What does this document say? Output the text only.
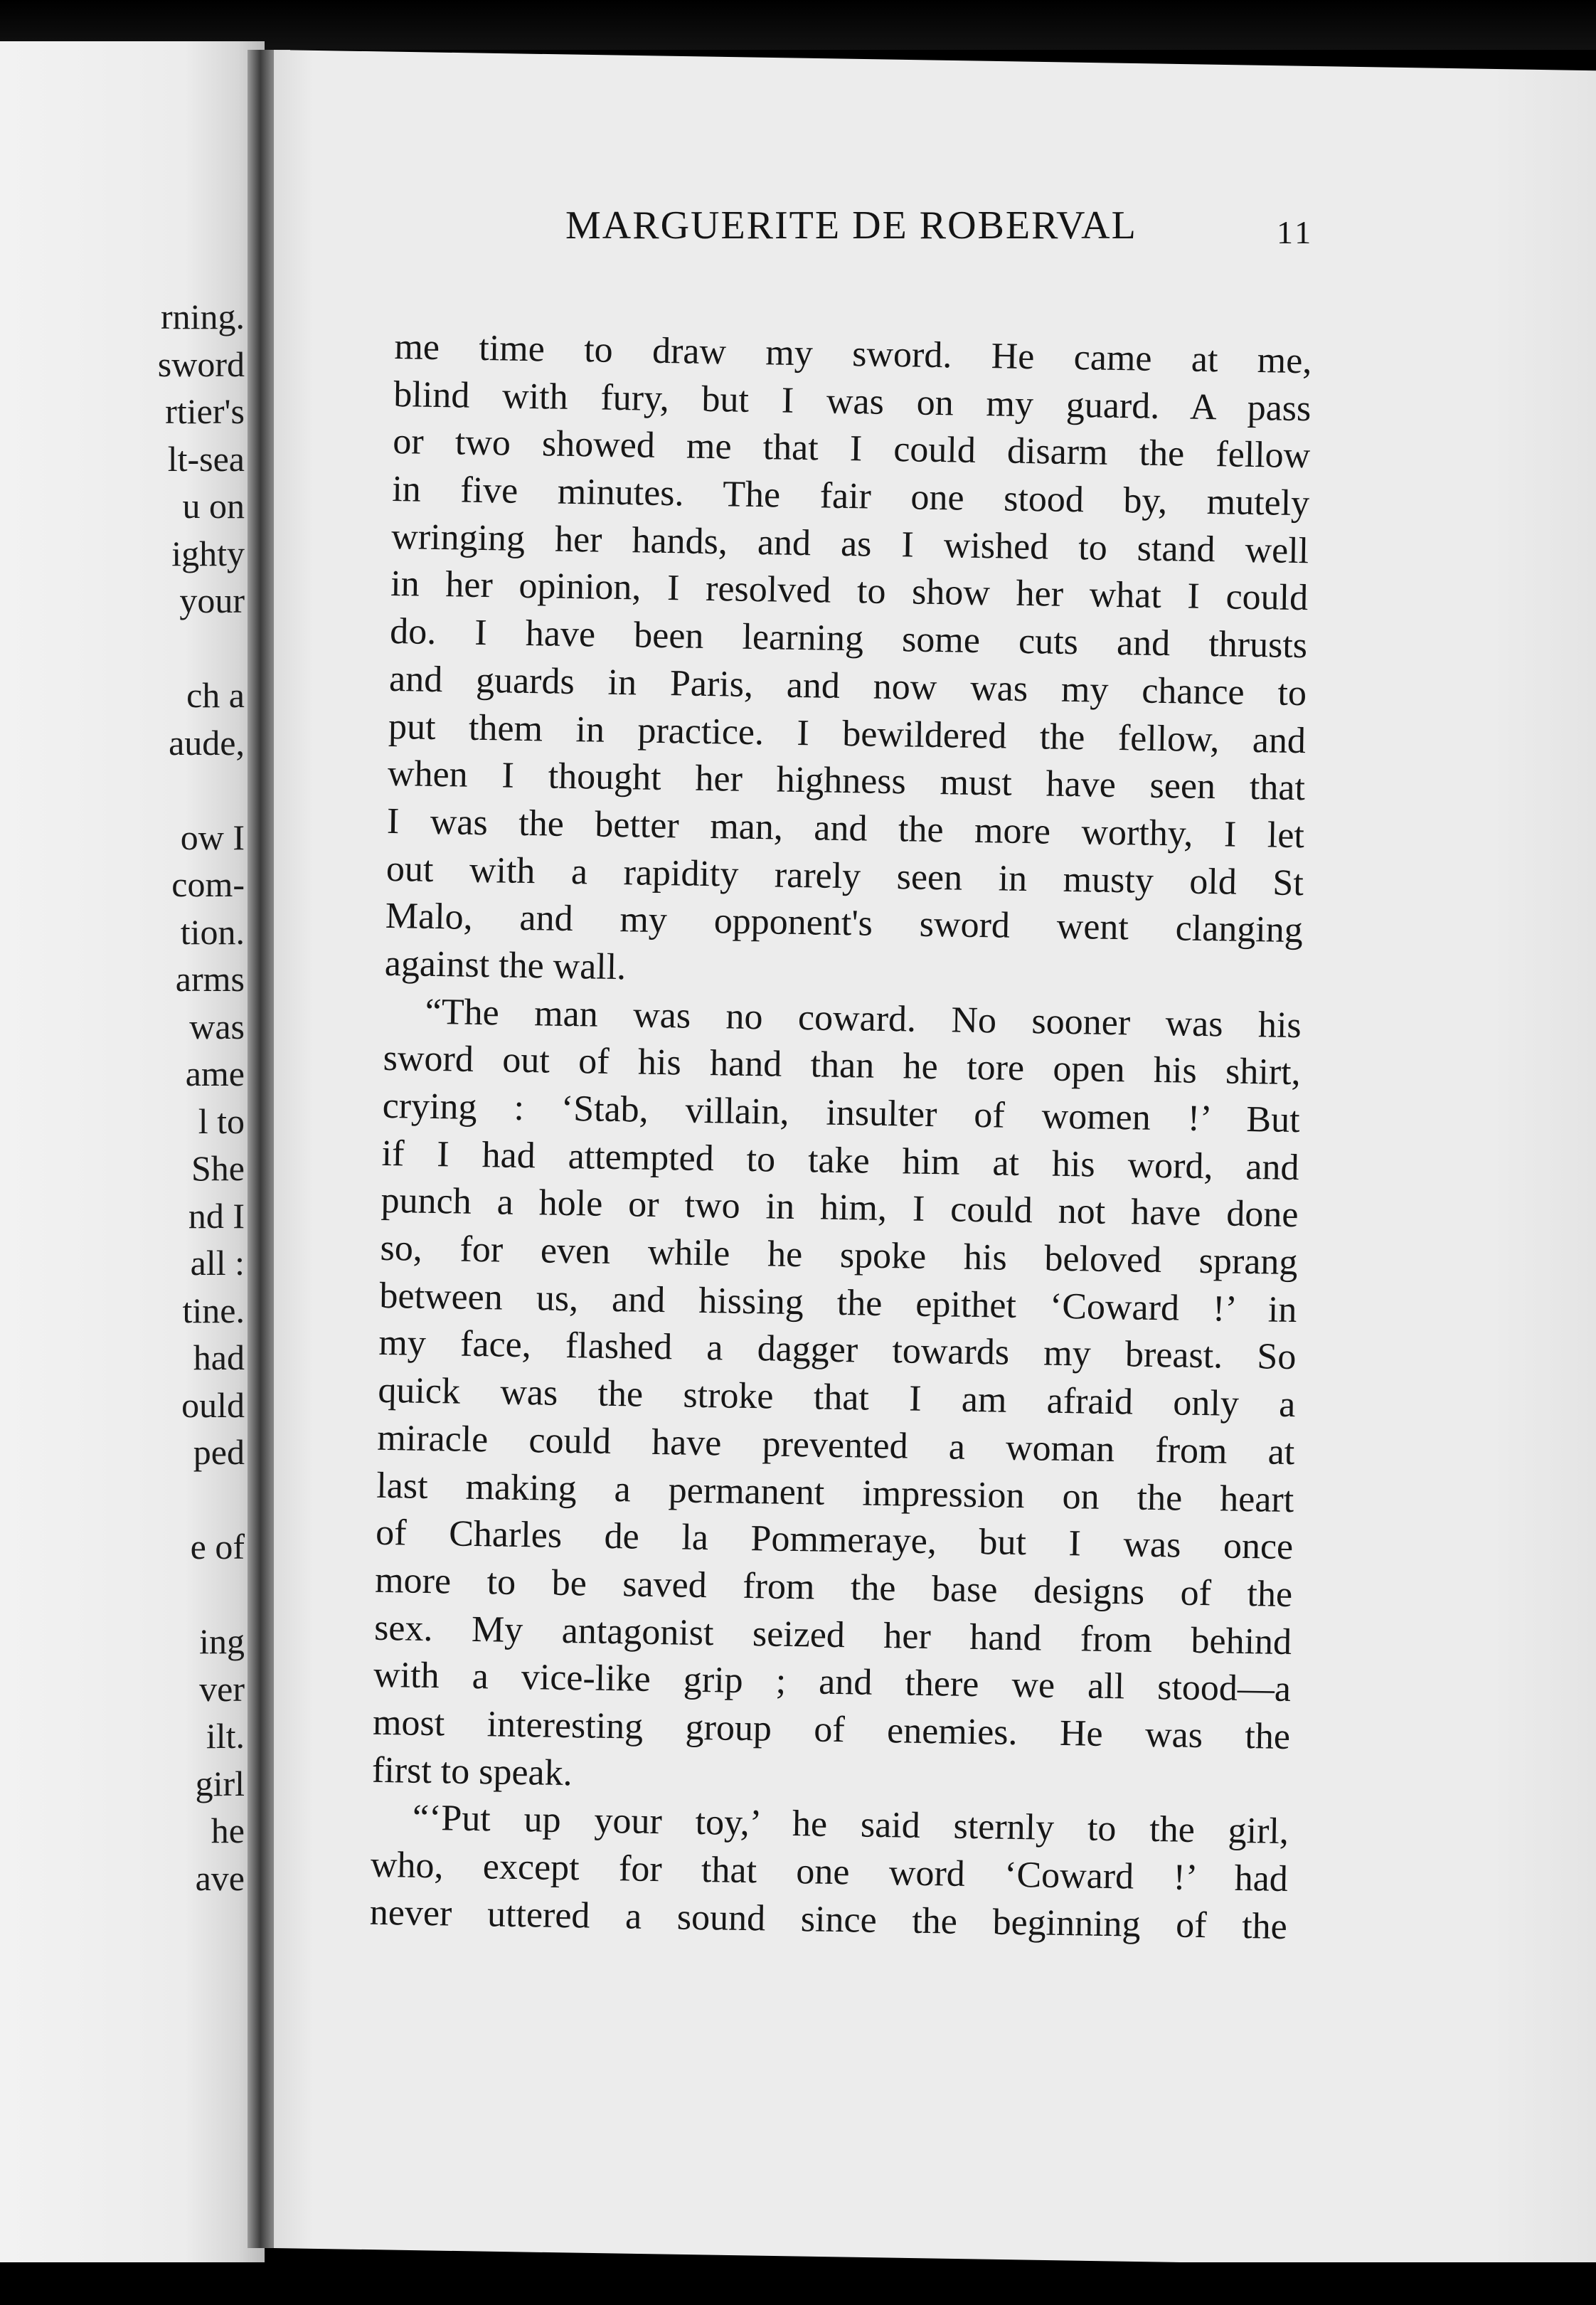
rning.
sword
rtier's
lt-sea
u on
ighty
your
ch a
aude,
ow I
com-
tion.
arms
was
ame
l to
She
nd I
all :
tine.
had
ould
ped
e of
ing
ver
ilt.
girl
he
ave
MARGUERITE DE ROBERVAL	11
me time to draw my sword. He came at me,
blind with fury, but I was on my guard. A pass
or two showed me that I could disarm the fellow
in five minutes. The fair one stood by, mutely
wringing her hands, and as I wished to stand well
in her opinion, I resolved to show her what I could
do. I have been learning some cuts and thrusts
and guards in Paris, and now was my chance to
put them in practice. I bewildered the fellow, and
when I thought her highness must have seen that
I was the better man, and the more worthy, I let
out with a rapidity rarely seen in musty old St
Malo, and my opponent's sword went clanging
against the wall.
“The man was no coward. No sooner was his
sword out of his hand than he tore open his shirt,
crying : ‘Stab, villain, insulter of women !’ But
if I had attempted to take him at his word, and
punch a hole or two in him, I could not have done
so, for even while he spoke his beloved sprang
between us, and hissing the epithet ‘Coward !’ in
my face, flashed a dagger towards my breast. So
quick was the stroke that I am afraid only a
miracle could have prevented a woman from at
last making a permanent impression on the heart
of Charles de la Pommeraye, but I was once
more to be saved from the base designs of the
sex. My antagonist seized her hand from behind
with a vice-like grip ; and there we all stood—a
most interesting group of enemies. He was the
first to speak.
“‘Put up your toy,’ he said sternly to the girl,
who, except for that one word ‘Coward !’ had
never uttered a sound since the beginning of the
